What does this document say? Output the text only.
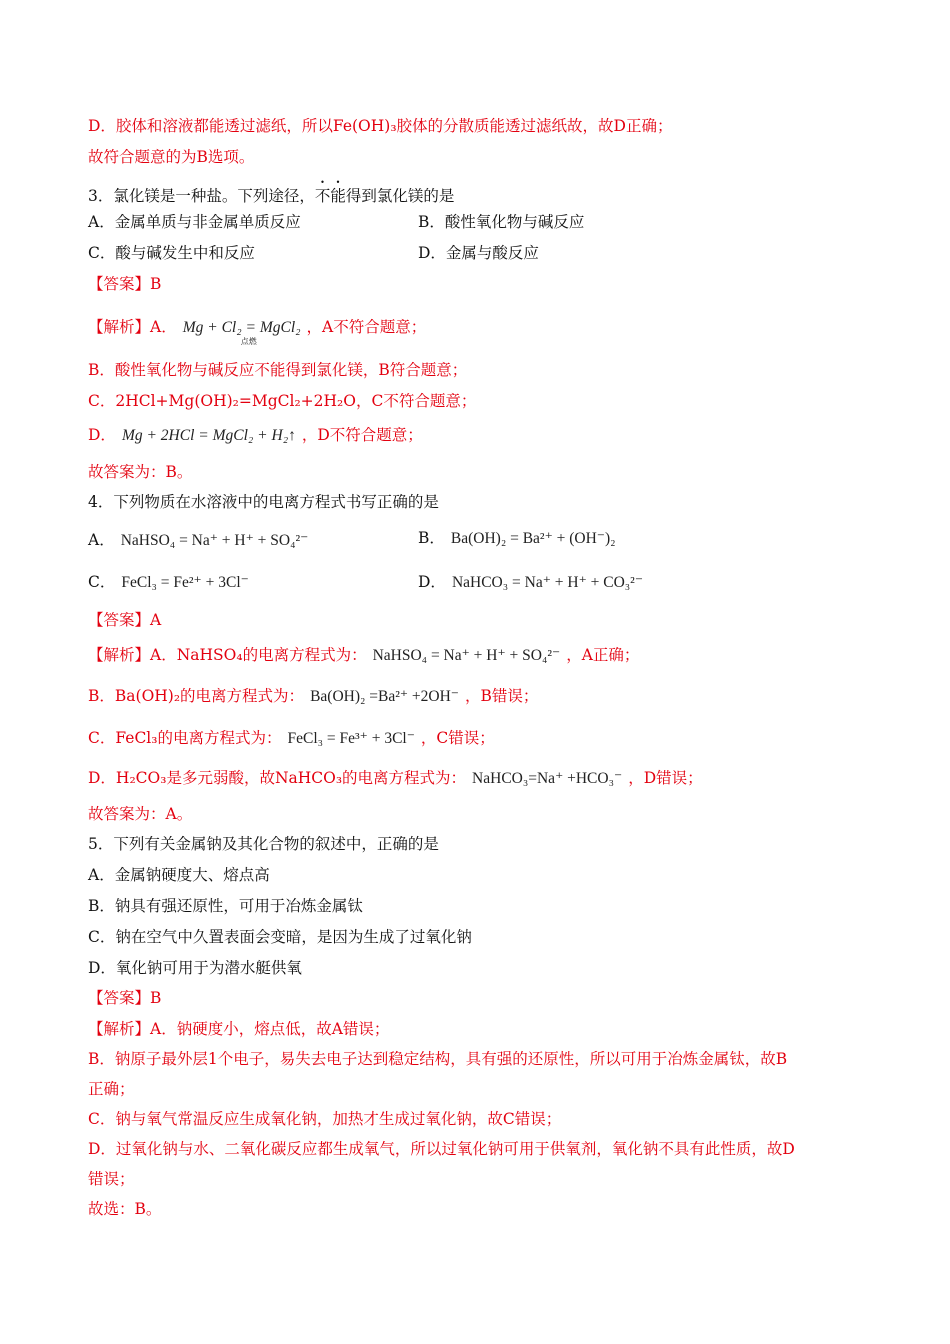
D．胶体和溶液都能透过滤纸，所以Fe(OH)₃胶体的分散质能透过滤纸故，故D正确；
故符合题意的为B选项。
3．氯化镁是一种盐。下列途径，不能得到氯化镁的是
A．金属单质与非金属单质反应	B．酸性氧化物与碱反应
C．酸与碱发生中和反应	D．金属与酸反应
【答案】B
【解析】A． Mg + Cl₂ = MgCl₂
点燃
，A不符合题意；
B．酸性氧化物与碱反应不能得到氯化镁，B符合题意；
C．2HCl+Mg(OH)₂=MgCl₂+2H₂O，C不符合题意；
D． Mg + 2HCl = MgCl₂ + H₂↑ ，D不符合题意；
故答案为：B。
4．下列物质在水溶液中的电离方程式书写正确的是
A． NaHSO₄ = Na⁺ + H⁺ + SO₄²⁻	B． Ba(OH)₂ = Ba²⁺ + (OH⁻)₂
C． FeCl₃ = Fe²⁺ + 3Cl⁻	D． NaHCO₃ = Na⁺ + H⁺ + CO₃²⁻
【答案】A
【解析】A．NaHSO₄的电离方程式为： NaHSO₄ = Na⁺ + H⁺ + SO₄²⁻ ，A正确；
B．Ba(OH)₂的电离方程式为： Ba(OH)₂ =Ba²⁺ +2OH⁻ ，B错误；
C．FeCl₃的电离方程式为： FeCl₃ = Fe³⁺ + 3Cl⁻ ，C错误；
D．H₂CO₃是多元弱酸，故NaHCO₃的电离方程式为： NaHCO₃=Na⁺ +HCO₃⁻ ，D错误；
故答案为：A。
5．下列有关金属钠及其化合物的叙述中，正确的是
A．金属钠硬度大、熔点高
B．钠具有强还原性，可用于冶炼金属钛
C．钠在空气中久置表面会变暗，是因为生成了过氧化钠
D．氧化钠可用于为潜水艇供氧
【答案】B
【解析】A．钠硬度小，熔点低，故A错误；
B．钠原子最外层1个电子，易失去电子达到稳定结构，具有强的还原性，所以可用于冶炼金属钛，故B
正确；
C．钠与氧气常温反应生成氧化钠，加热才生成过氧化钠，故C错误；
D．过氧化钠与水、二氧化碳反应都生成氧气，所以过氧化钠可用于供氧剂，氧化钠不具有此性质，故D
错误；
故选：B。
